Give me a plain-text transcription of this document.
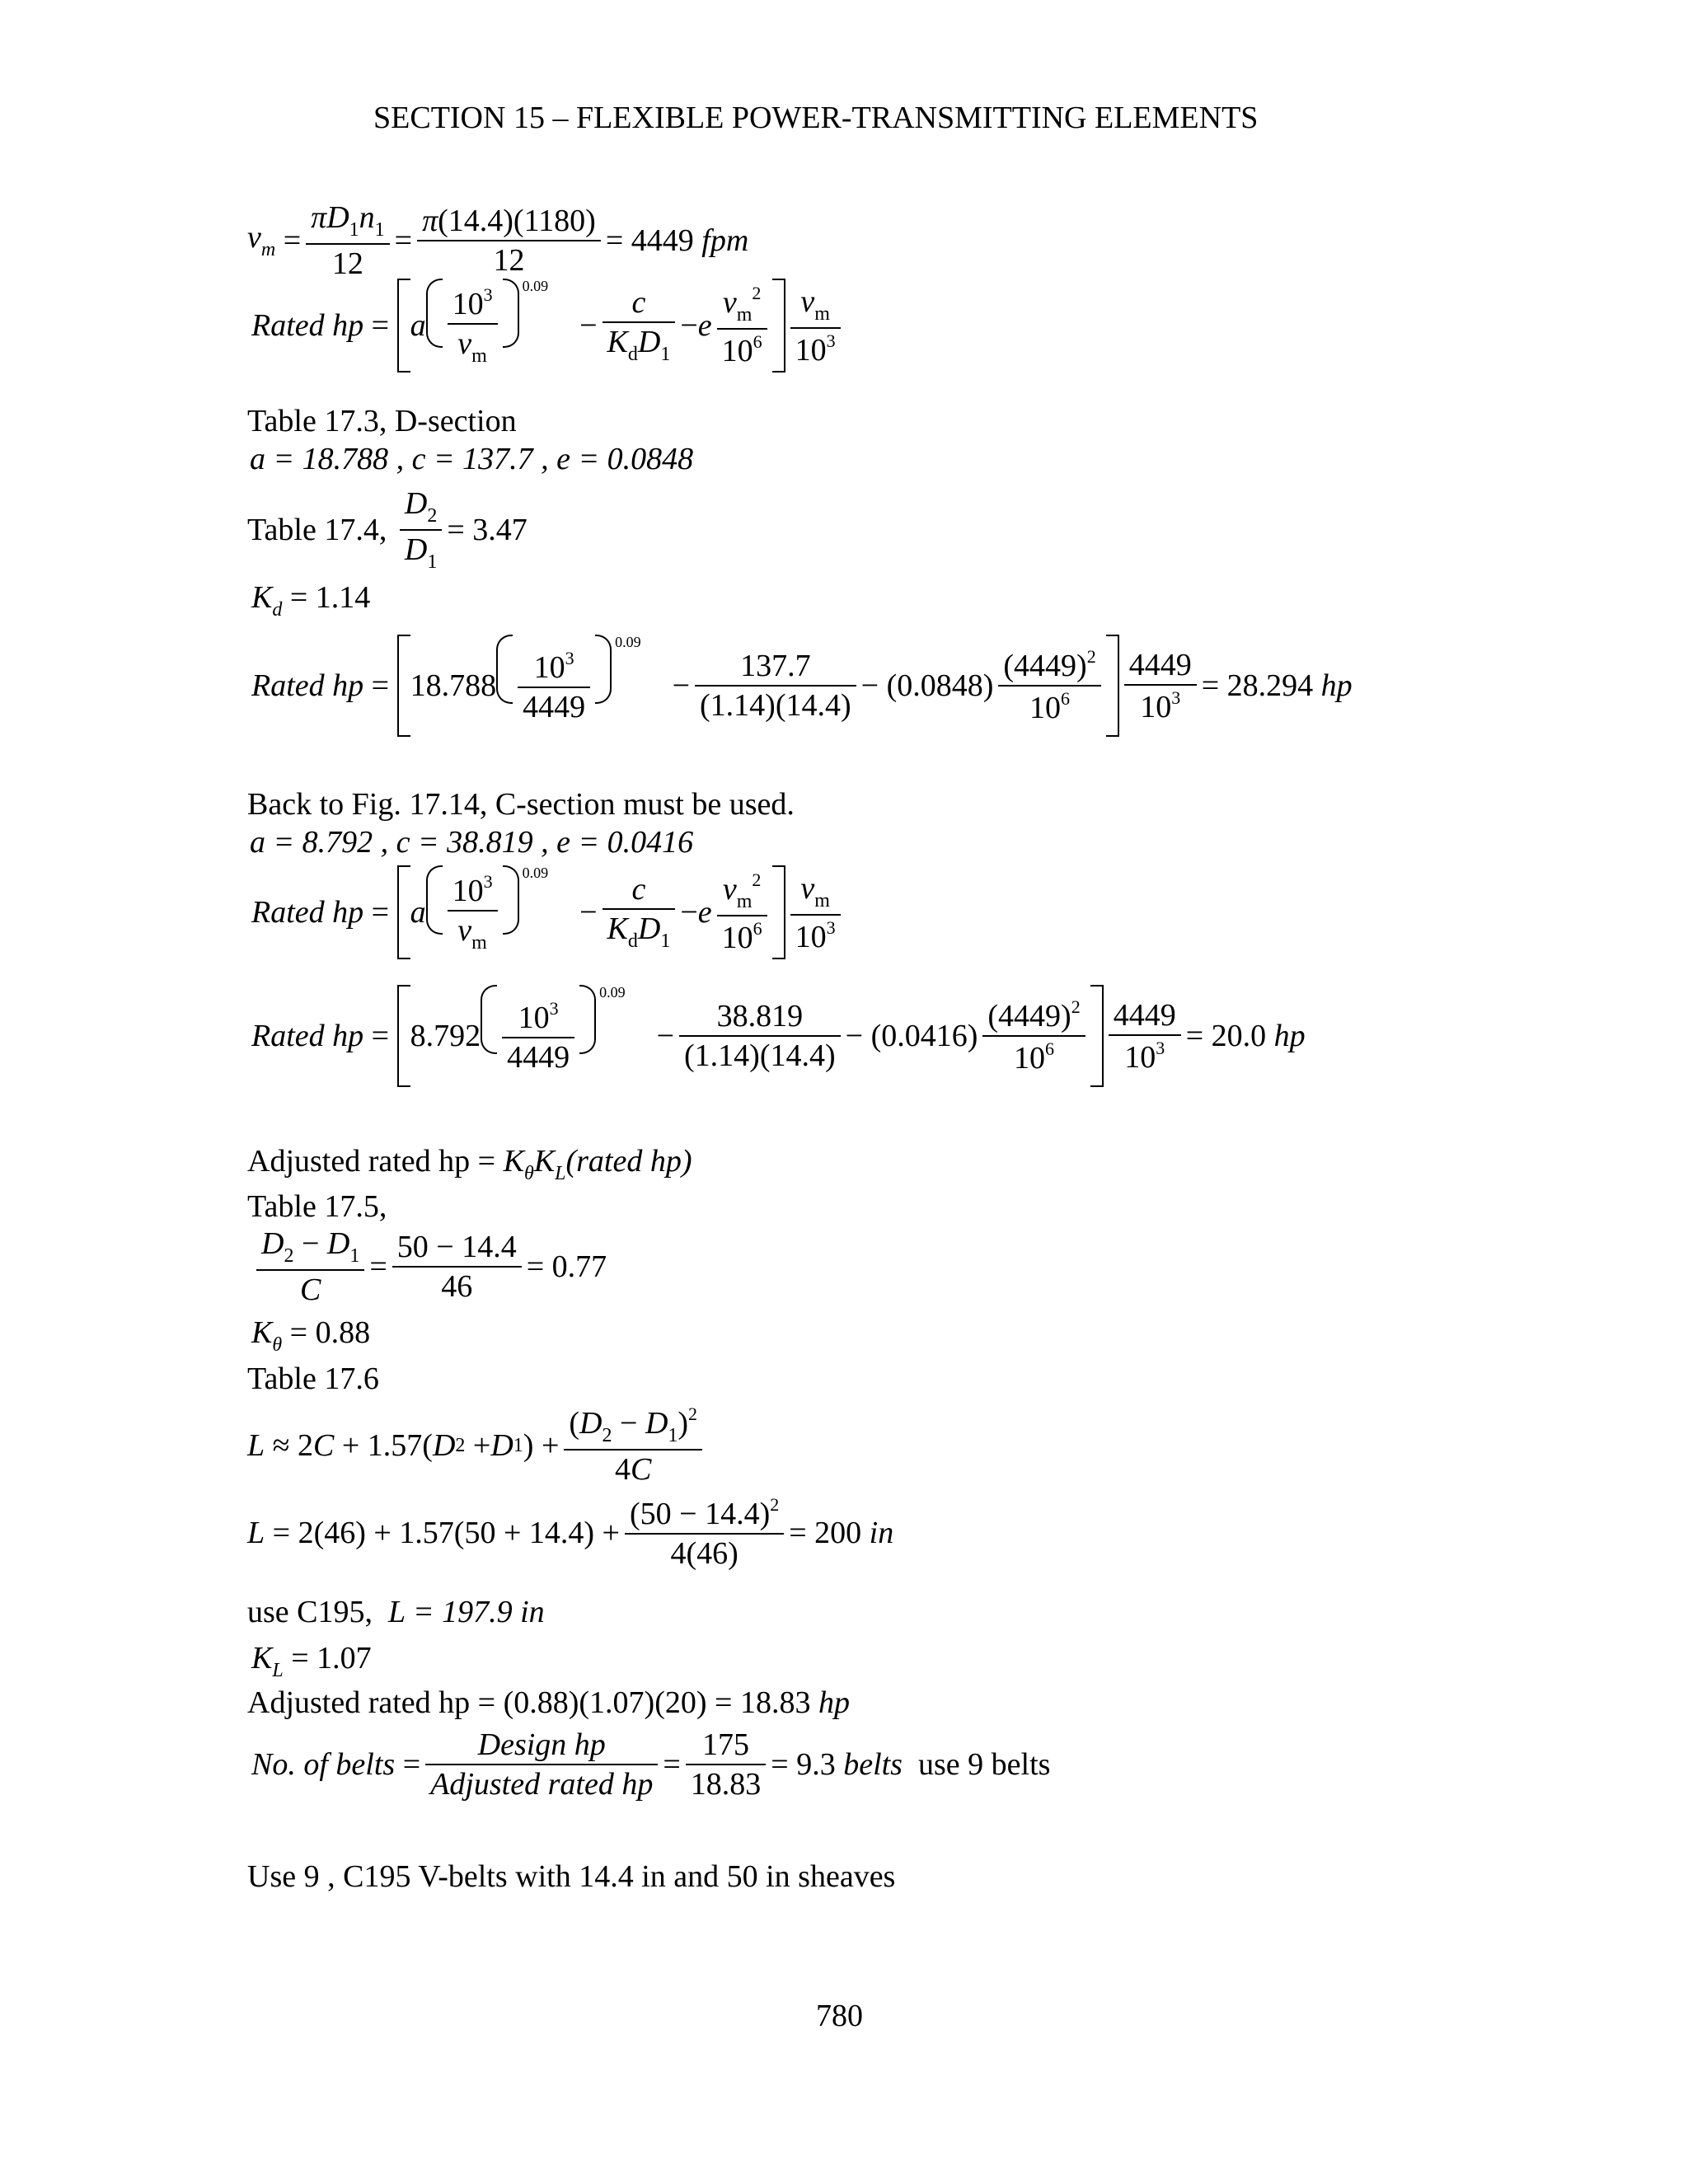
SECTION 15 – FLEXIBLE POWER-TRANSMITTING ELEMENTS
$v_m = \frac{\pi D_1n_1}{12} = \frac{\pi(14.4)(1180)}{12} = 4449$ fpm
Rated hp = a $\frac{10^3}{v_m} 0.09$
− $\frac{c}{K_dD_1} - e \frac{v_m^2}{10^6} \frac{v_m}{10^3}$
Table 17.3, D-section
a = 18.788 , c = 137.7 , e = 0.0848
Table 17.4,
$\frac{D_2}{D_1} = 3.47$
$K_d = 1.14$
Rated hp =
$18.788 \frac{10^3}{4449}$
0.09
− $\frac{137.7}{(1.14)(14.4)} - (0.0848) \frac{(4449)^2}{10^6} \frac{4449}{10^3} = 28.294$
hp
Back to Fig. 17.14, C-section must be used.
a = 8.792 , c = 38.819 , e = 0.0416
Rated hp = a $\frac{10^3}{v_m} 0.09$
− $\frac{c}{K_dD_1} - e \frac{v_m^2}{10^6} \frac{v_m}{10^3}$
Rated hp =
$8.792 \frac{10^3}{4449}$
0.09
− $\frac{38.819}{(1.14)(14.4)} - (0.0416) \frac{(4449)^2}{10^6} \frac{4449}{10^3} = 20.0$
hp
Adjusted rated hp = $K_\theta K_L(rated$ hp)
Table 17.5,
$\frac{D_2 - D_1}{C} = \frac{50 - 14.4}{46} = 0.77$
$K_\theta = 0.88$
Table 17.6
L ≈ 2 C + 1.57( D 2 + D 1 ) + $\frac{(D_2 - D_1)^2}{4C}$
$L = 2(46) + 1.57(50 + 14.4) + \frac{(50 - 14.4)^2}{4(46)} = 200$
in
use C195, L = 197.9 in
$K_L = 1.07$
Adjusted rated hp = (0.88)(1.07)(20) = 18.83 hp
No. of belts = $\frac{\text{Design hp}}{\text{Adjusted rated hp}} = \frac{175}{18.83} = 9.3$
belts
use 9 belts
Use 9 , C195 V-belts with 14.4 in and 50 in sheaves
780
